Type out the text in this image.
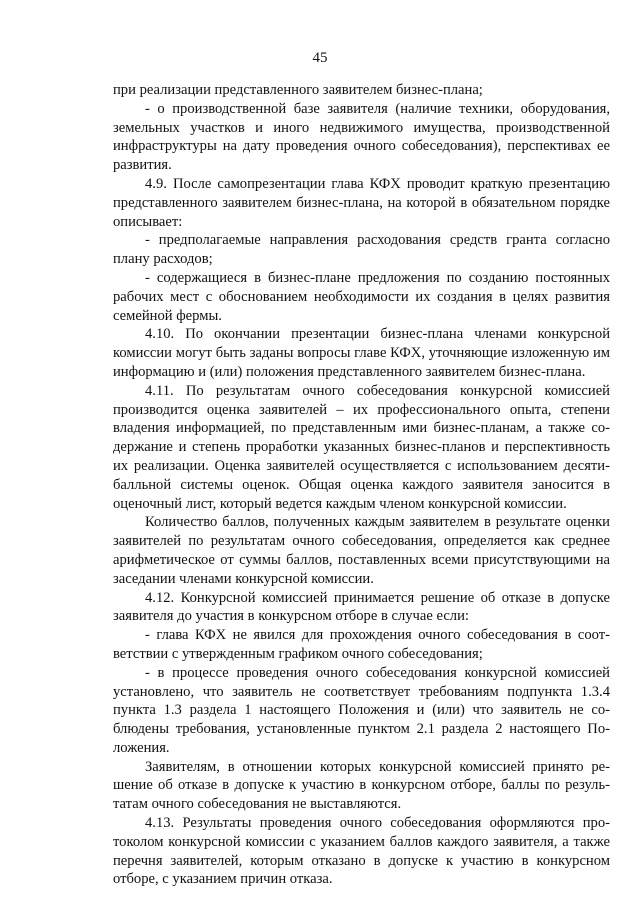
45

при реализации представленного заявителем бизнес-плана;

- о производственной базе заявителя (наличие техники, оборудования, земельных участков и иного недвижимого имущества, производственной инфраструктуры на дату проведения очного собеседования), перспективах ее развития.

4.9. После самопрезентации глава КФХ проводит краткую презентацию представленного заявителем бизнес-плана, на которой в обязательном порядке описывает:

- предполагаемые направления расходования средств гранта согласно плану расходов;

- содержащиеся в бизнес-плане предложения по созданию постоянных рабочих мест с обоснованием необходимости их создания в целях развития семейной фермы.

4.10. По окончании презентации бизнес-плана членами конкурсной комиссии могут быть заданы вопросы главе КФХ, уточняющие изложенную им информацию и (или) положения представленного заявителем бизнес-плана.

4.11. По результатам очного собеседования конкурсной комиссией производится оценка заявителей – их профессионального опыта, степени владения информацией, по представленным ими бизнес-планам, а также содержание и степень проработки указанных бизнес-планов и перспективность их реализации. Оценка заявителей осуществляется с использованием десятибалльной системы оценок. Общая оценка каждого заявителя заносится в оценочный лист, который ведется каждым членом конкурсной комиссии.

Количество баллов, полученных каждым заявителем в результате оценки заявителей по результатам очного собеседования, определяется как среднее арифметическое от суммы баллов, поставленных всеми присутствующими на заседании членами конкурсной комиссии.

4.12. Конкурсной комиссией принимается решение об отказе в допуске заявителя до участия в конкурсном отборе в случае если:

- глава КФХ не явился для прохождения очного собеседования в соответствии с утвержденным графиком очного собеседования;

- в процессе проведения очного собеседования конкурсной комиссией установлено, что заявитель не соответствует требованиям подпункта 1.3.4 пункта 1.3 раздела 1 настоящего Положения и (или) что заявитель не соблюдены требования, установленные пунктом 2.1 раздела 2 настоящего Положения.

Заявителям, в отношении которых конкурсной комиссией принято решение об отказе в допуске к участию в конкурсном отборе, баллы по результатам очного собеседования не выставляются.

4.13. Результаты проведения очного собеседования оформляются протоколом конкурсной комиссии с указанием баллов каждого заявителя, а также перечня заявителей, которым отказано в допуске к участию в конкурсном отборе, с указанием причин отказа.
